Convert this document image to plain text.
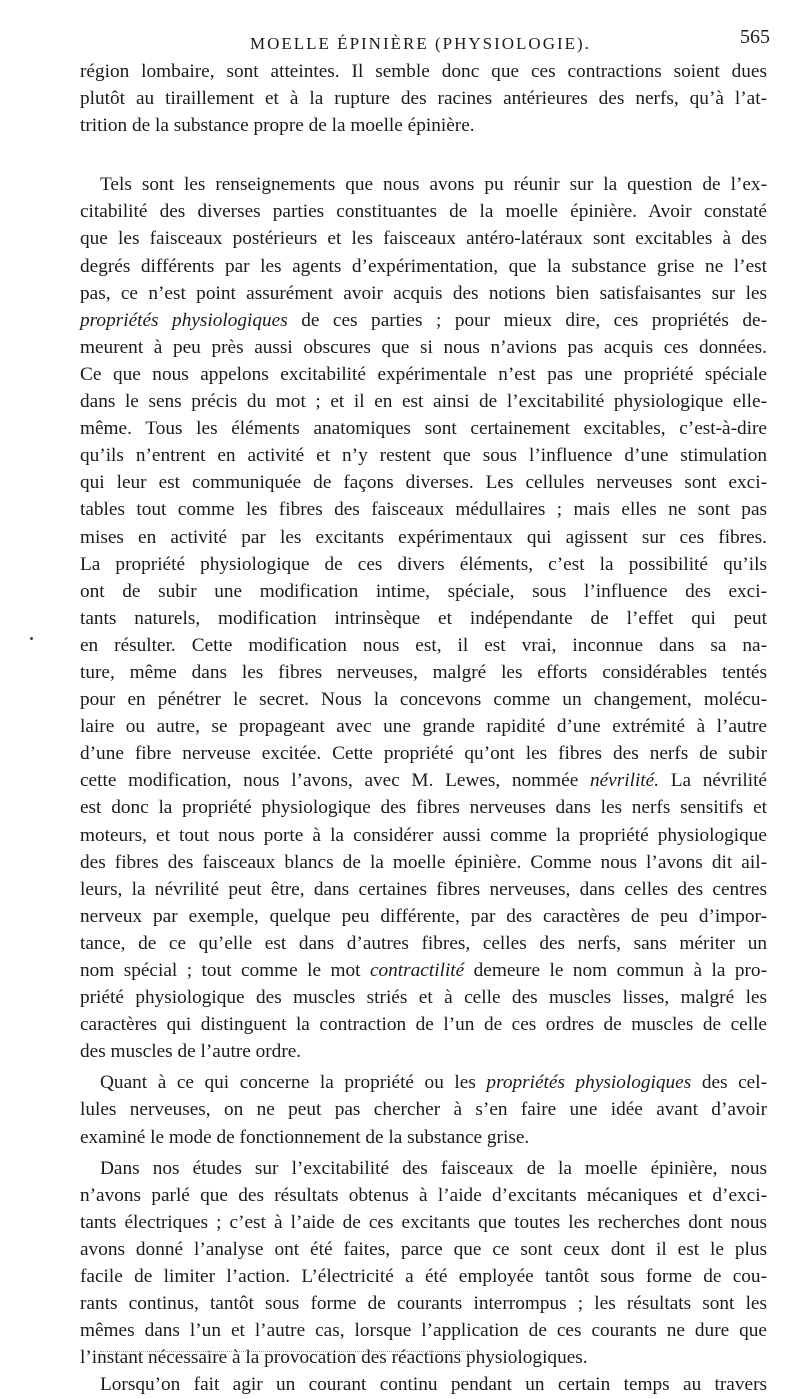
MOELLE ÉPINIÈRE (PHYSIOLOGIE).	565
région lombaire, sont atteintes. Il semble donc que ces contractions soient dues
plutôt au tiraillement et à la rupture des racines antérieures des nerfs, qu’à l’at-
trition de la substance propre de la moelle épinière.
Tels sont les renseignements que nous avons pu réunir sur la question de l’ex-
citabilité des diverses parties constituantes de la moelle épinière. Avoir constaté
que les faisceaux postérieurs et les faisceaux antéro-latéraux sont excitables à des
degrés différents par les agents d’expérimentation, que la substance grise ne l’est
pas, ce n’est point assurément avoir acquis des notions bien satisfaisantes sur les
propriétés physiologiques de ces parties ; pour mieux dire, ces propriétés de-
meurent à peu près aussi obscures que si nous n’avions pas acquis ces données.
Ce que nous appelons excitabilité expérimentale n’est pas une propriété spéciale
dans le sens précis du mot ; et il en est ainsi de l’excitabilité physiologique elle-
même. Tous les éléments anatomiques sont certainement excitables, c’est-à-dire
qu’ils n’entrent en activité et n’y restent que sous l’influence d’une stimulation
qui leur est communiquée de façons diverses. Les cellules nerveuses sont exci-
tables tout comme les fibres des faisceaux médullaires ; mais elles ne sont pas
mises en activité par les excitants expérimentaux qui agissent sur ces fibres.
La propriété physiologique de ces divers éléments, c’est la possibilité qu’ils
ont de subir une modification intime, spéciale, sous l’influence des exci-
tants naturels, modification intrinsèque et indépendante de l’effet qui peut
en résulter. Cette modification nous est, il est vrai, inconnue dans sa na-
ture, même dans les fibres nerveuses, malgré les efforts considérables tentés
pour en pénétrer le secret. Nous la concevons comme un changement, molécu-
laire ou autre, se propageant avec une grande rapidité d’une extrémité à l’autre
d’une fibre nerveuse excitée. Cette propriété qu’ont les fibres des nerfs de subir
cette modification, nous l’avons, avec M. Lewes, nommée névrilité. La névrilité
est donc la propriété physiologique des fibres nerveuses dans les nerfs sensitifs et
moteurs, et tout nous porte à la considérer aussi comme la propriété physiologique
des fibres des faisceaux blancs de la moelle épinière. Comme nous l’avons dit ail-
leurs, la névrilité peut être, dans certaines fibres nerveuses, dans celles des centres
nerveux par exemple, quelque peu différente, par des caractères de peu d’impor-
tance, de ce qu’elle est dans d’autres fibres, celles des nerfs, sans mériter un
nom spécial ; tout comme le mot contractilité demeure le nom commun à la pro-
priété physiologique des muscles striés et à celle des muscles lisses, malgré les
caractères qui distinguent la contraction de l’un de ces ordres de muscles de celle
des muscles de l’autre ordre.
Quant à ce qui concerne la propriété ou les propriétés physiologiques des cel-
lules nerveuses, on ne peut pas chercher à s’en faire une idée avant d’avoir
examiné le mode de fonctionnement de la substance grise.
Dans nos études sur l’excitabilité des faisceaux de la moelle épinière, nous
n’avons parlé que des résultats obtenus à l’aide d’excitants mécaniques et d’exci-
tants électriques ; c’est à l’aide de ces excitants que toutes les recherches dont nous
avons donné l’analyse ont été faites, parce que ce sont ceux dont il est le plus
facile de limiter l’action. L’électricité a été employée tantôt sous forme de cou-
rants continus, tantôt sous forme de courants interrompus ; les résultats sont les
mêmes dans l’un et l’autre cas, lorsque l’application de ces courants ne dure que
l’instant nécessaire à la provocation des réactions physiologiques.
Lorsqu’on fait agir un courant continu pendant un certain temps au travers
